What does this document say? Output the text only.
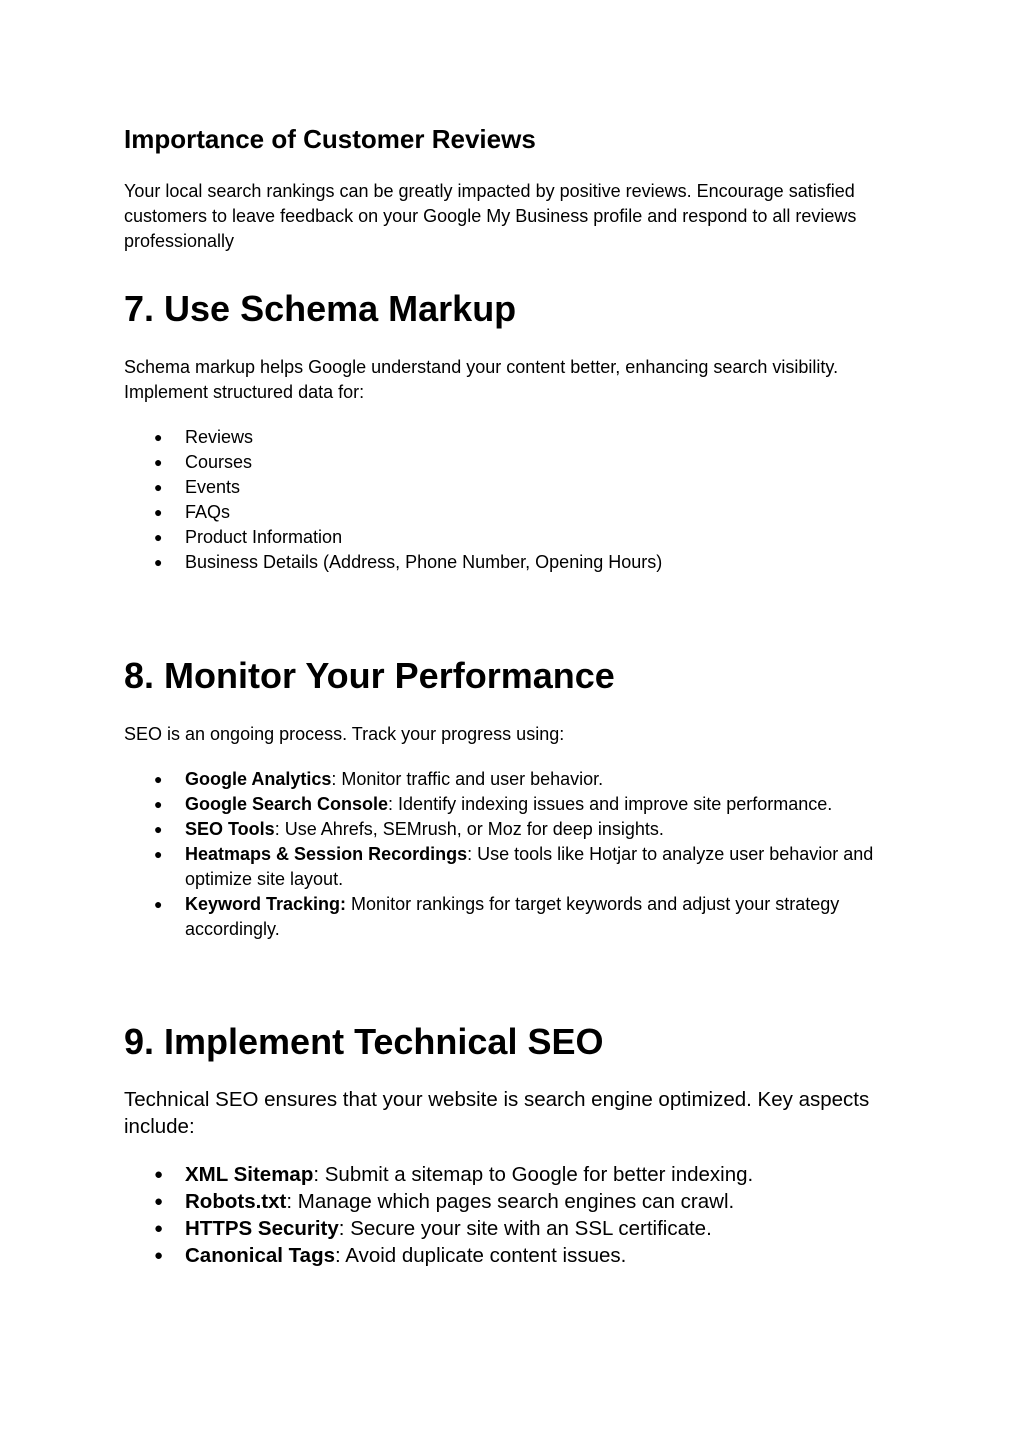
Importance of Customer Reviews

Your local search rankings can be greatly impacted by positive reviews. Encourage satisfied customers to leave feedback on your Google My Business profile and respond to all reviews professionally

7. Use Schema Markup

Schema markup helps Google understand your content better, enhancing search visibility. Implement structured data for:

● Reviews
● Courses
● Events
● FAQs
● Product Information
● Business Details (Address, Phone Number, Opening Hours)
8. Monitor Your Performance

SEO is an ongoing process. Track your progress using:

● Google Analytics: Monitor traffic and user behavior.
● Google Search Console: Identify indexing issues and improve site performance.
● SEO Tools: Use Ahrefs, SEMrush, or Moz for deep insights.
● Heatmaps & Session Recordings: Use tools like Hotjar to analyze user behavior and optimize site layout.
● Keyword Tracking: Monitor rankings for target keywords and adjust your strategy accordingly.
9. Implement Technical SEO

Technical SEO ensures that your website is search engine optimized. Key aspects include:

● XML Sitemap: Submit a sitemap to Google for better indexing.
● Robots.txt: Manage which pages search engines can crawl.
● HTTPS Security: Secure your site with an SSL certificate.
● Canonical Tags: Avoid duplicate content issues.
